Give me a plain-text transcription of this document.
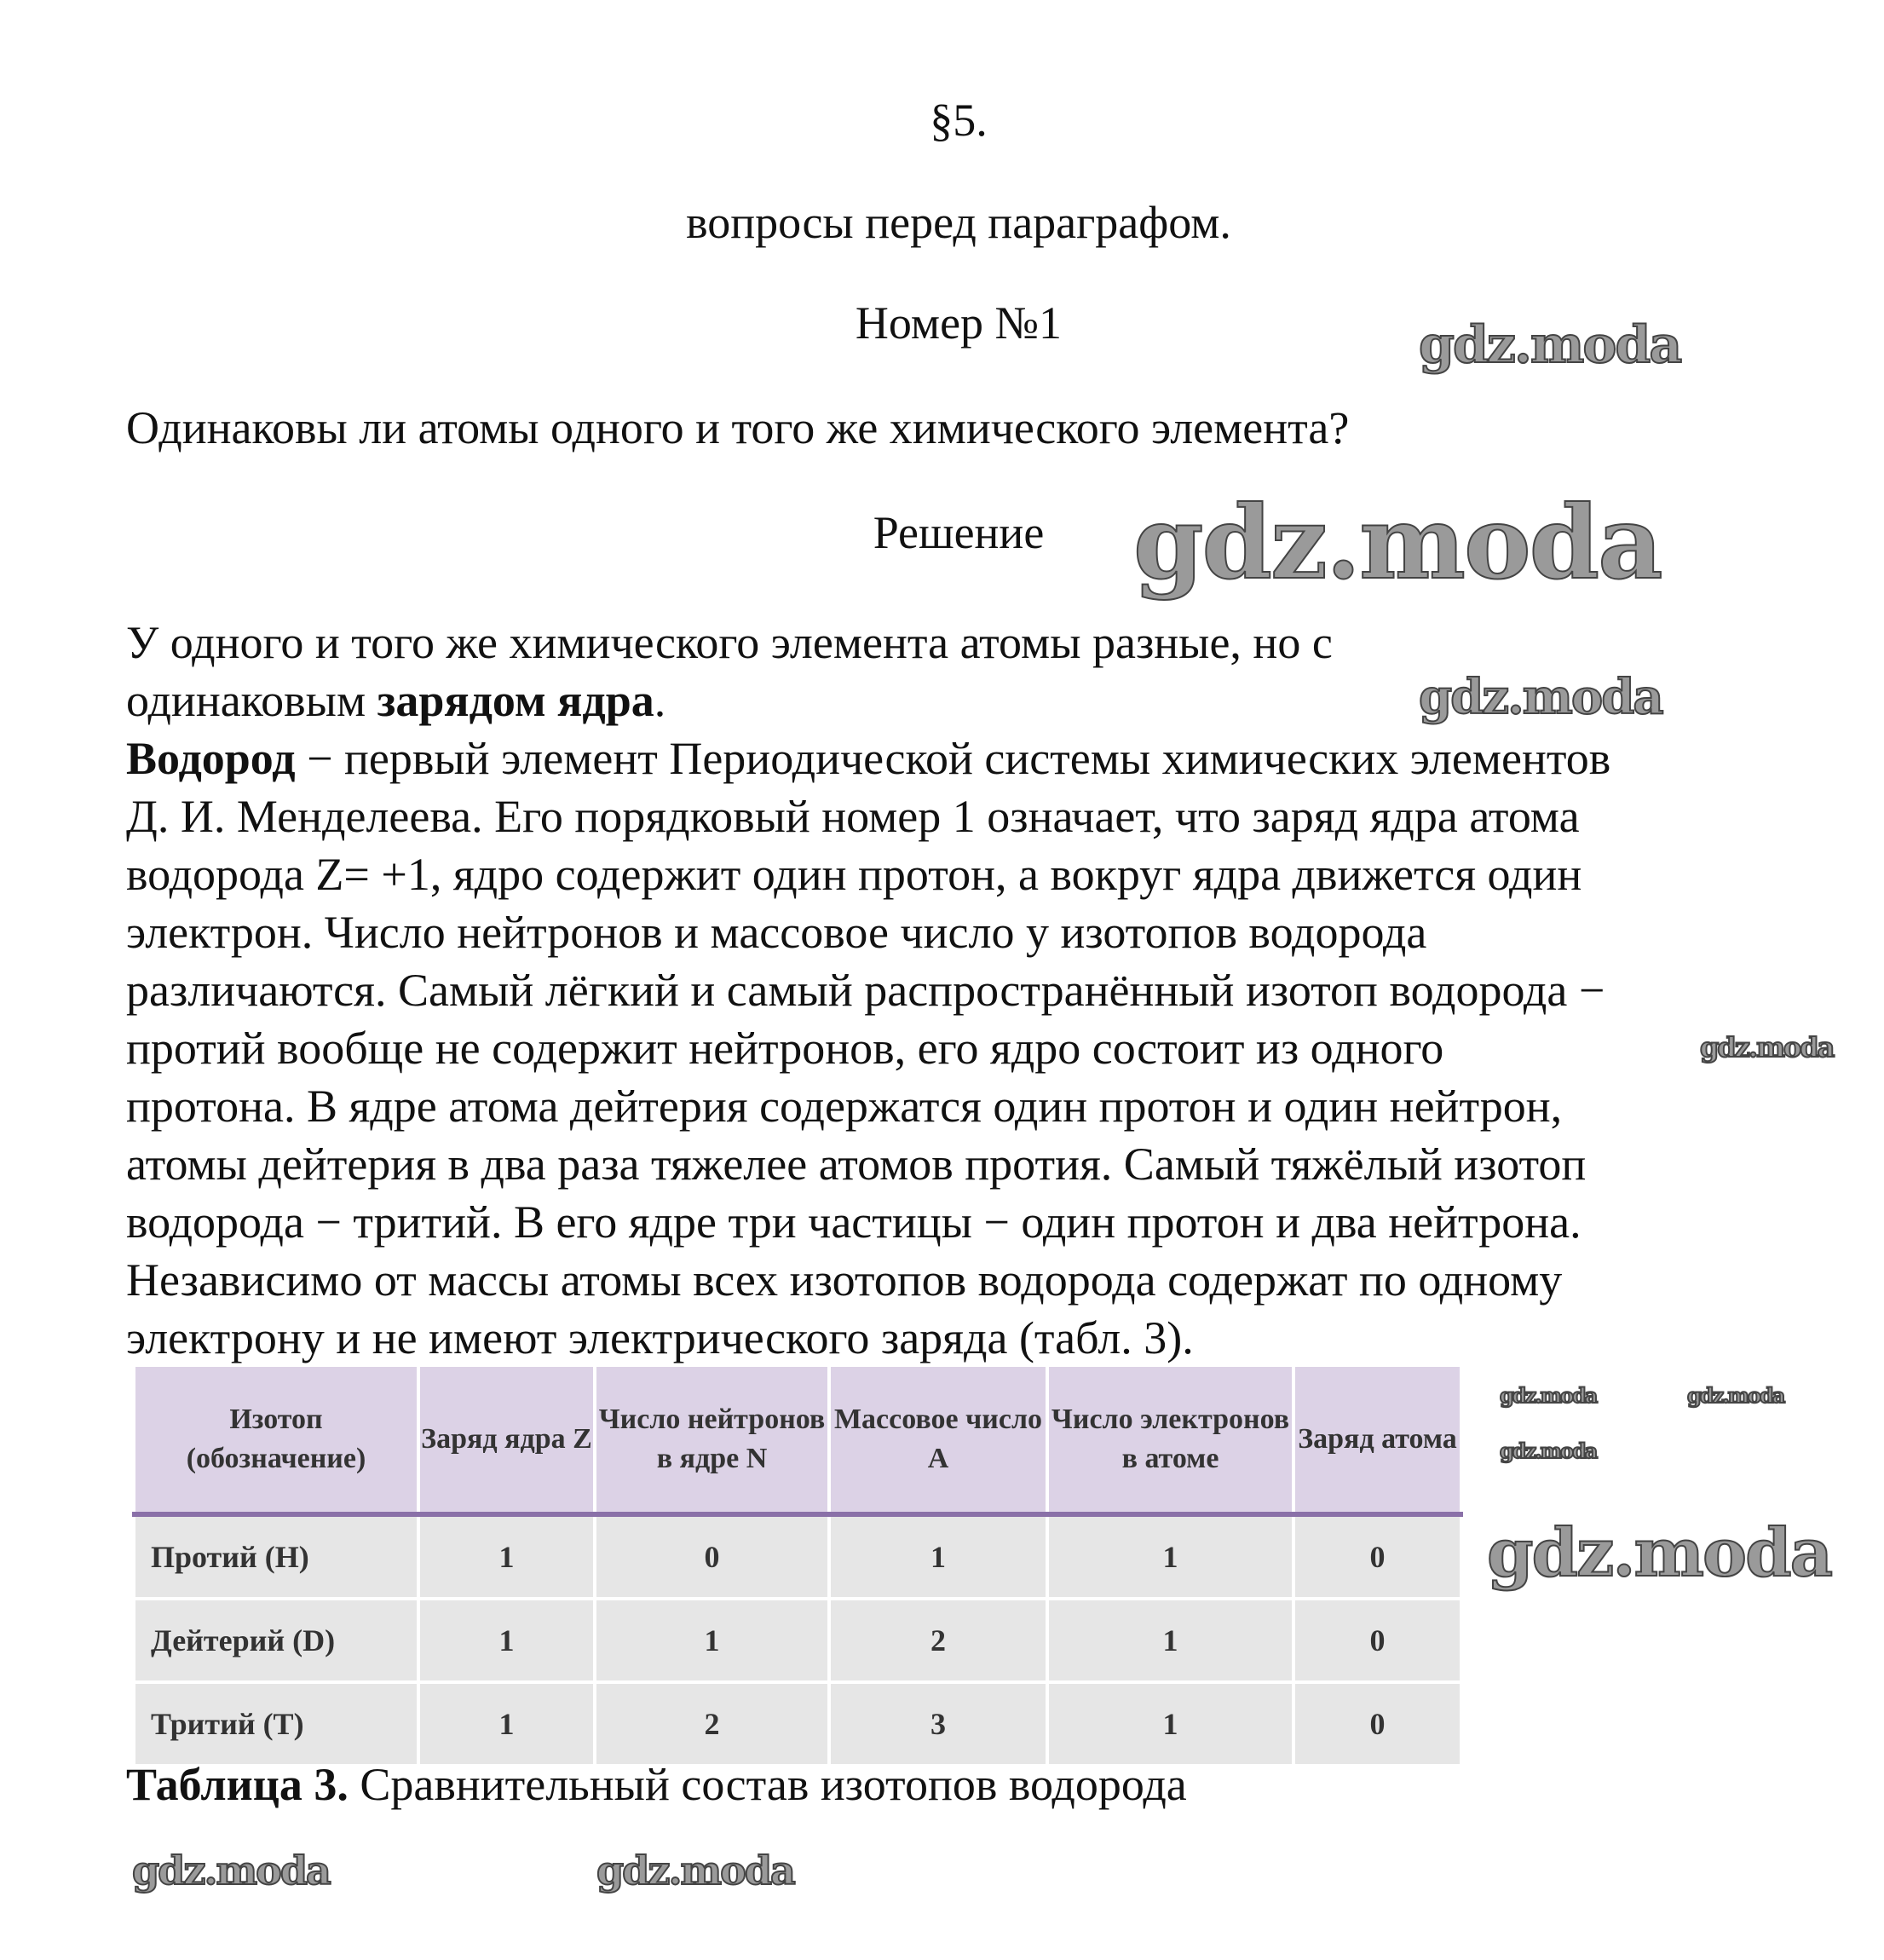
§5.
вопросы перед параграфом.
Номер №1
Одинаковы ли атомы одного и того же химического элемента?
Решение
У одного и того же химического элемента атомы разные, но с
одинаковым зарядом ядра.
Водород − первый элемент Периодической системы химических элементов
Д. И. Менделеева. Его порядковый номер 1 означает, что заряд ядра атома
водорода Z= +1, ядро содержит один протон, а вокруг ядра движется один
электрон. Число нейтронов и массовое число у изотопов водорода
различаются. Самый лёгкий и самый распространённый изотоп водорода −
протий вообще не содержит нейтронов, его ядро состоит из одного
протона. В ядре атома дейтерия содержатся один протон и один нейтрон,
атомы дейтерия в два раза тяжелее атомов протия. Самый тяжёлый изотоп
водорода − тритий. В его ядре три частицы − один протон и два нейтрона.
Независимо от массы атомы всех изотопов водорода содержат по одному
электрону и не имеют электрического заряда (табл. 3).
Изотоп (обозначение)	Заряд ядра Z	Число нейтронов в ядре N	Массовое число A	Число электронов в атоме	Заряд атома
Протий (H)	1	0	1	1	0
Дейтерий (D)	1	1	2	1	0
Тритий (T)	1	2	3	1	0
Таблица 3. Сравнительный состав изотопов водорода
gdz.moda
gdz.moda
gdz.moda
gdz.moda
gdz.moda	gdz.moda
gdz.moda
gdz.moda
gdz.moda	gdz.moda
